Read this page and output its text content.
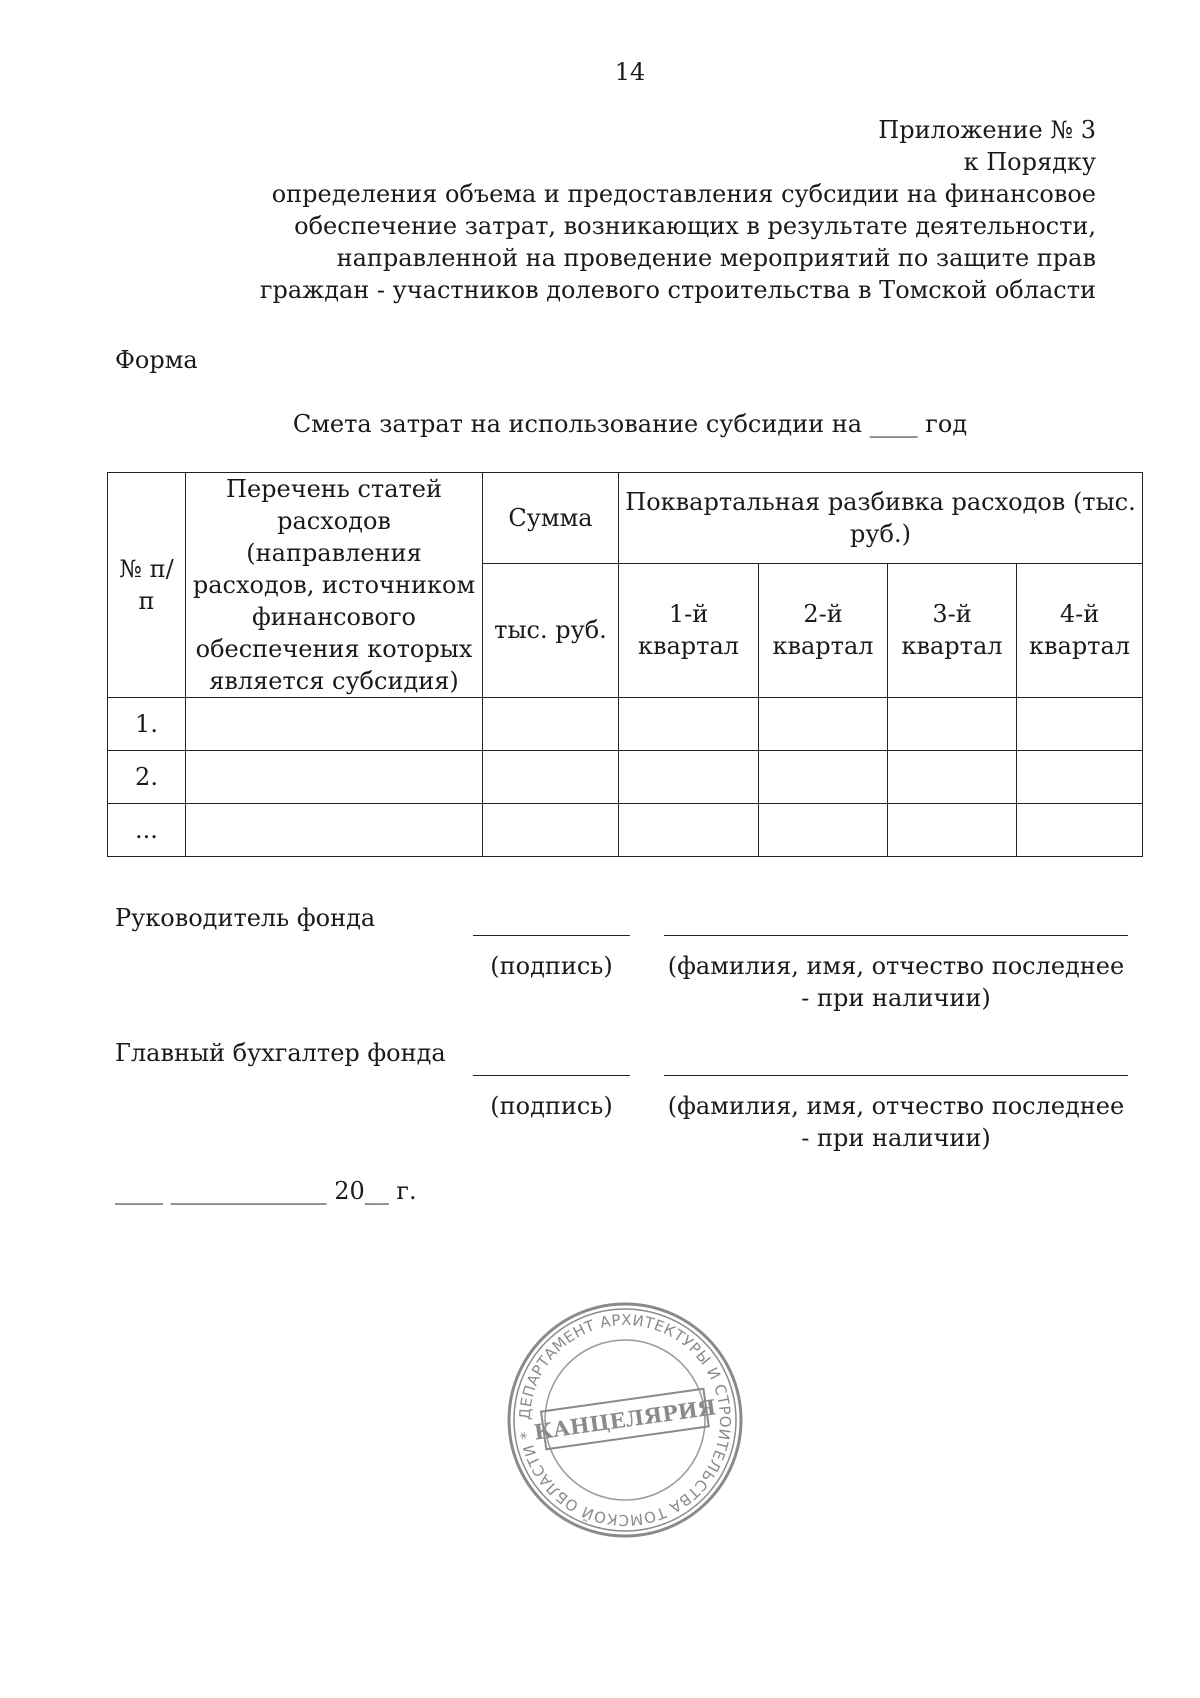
14
Приложение № 3
к Порядку
определения объема и предоставления субсидии на финансовое
обеспечение затрат, возникающих в результате деятельности,
направленной на проведение мероприятий по защите прав
граждан - участников долевого строительства в Томской области
Форма
Смета затрат на использование субсидии на ____ год
№ п/п	Перечень статей расходов (направления расходов, источником финансового обеспечения которых является субсидия)	Сумма	Поквартальная разбивка расходов (тыс. руб.)			
		тыс. руб.	1-й квартал	2-й квартал	3-й квартал	4-й квартал
1.						
2.						
...						
Руководитель фонда
(подпись)	(фамилия, имя, отчество последнее - при наличии)
Главный бухгалтер фонда
(подпись)	(фамилия, имя, отчество последнее - при наличии)
____ _____________ 20__ г.
ДЕПАРТАМЕНТ АРХИТЕКТУРЫ И СТРОИТЕЛЬСТВА ТОМСКОЙ ОБЛАСТИ *
КАНЦЕЛЯРИЯ
